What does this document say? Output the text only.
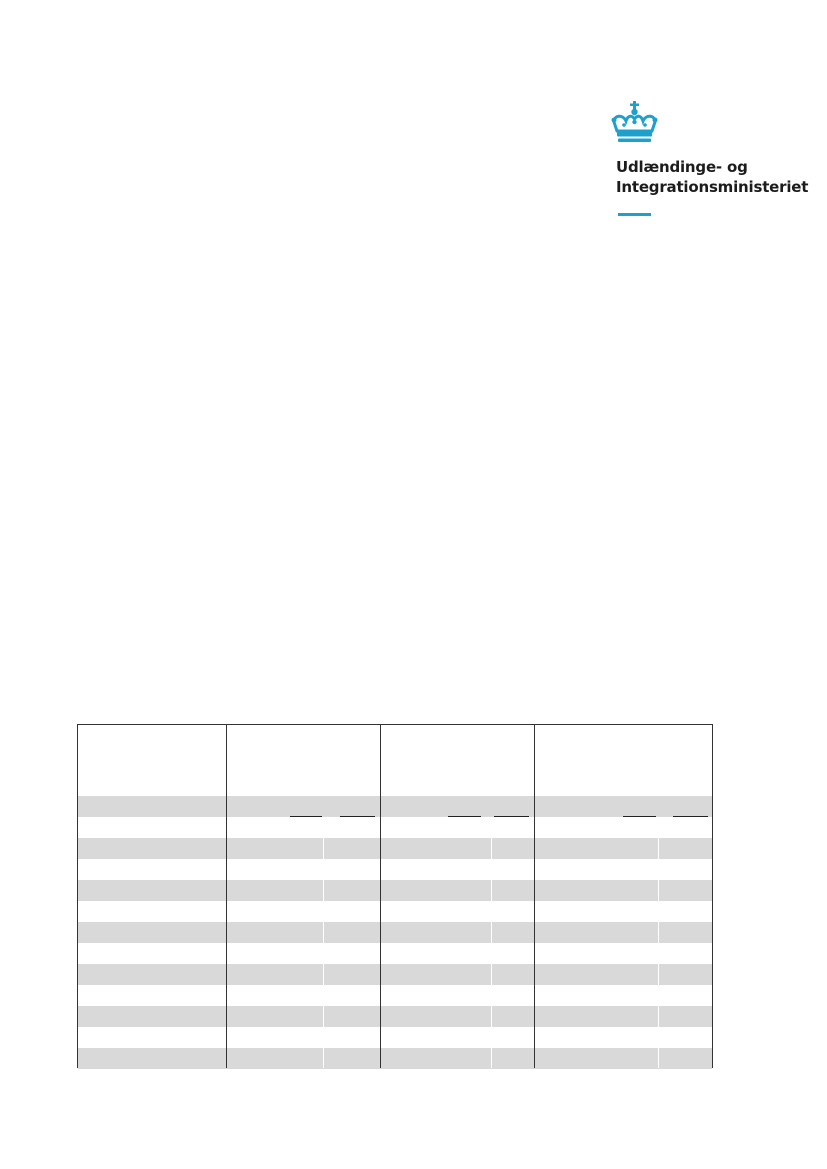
Udlændinge- og
Integrationsministeriet
